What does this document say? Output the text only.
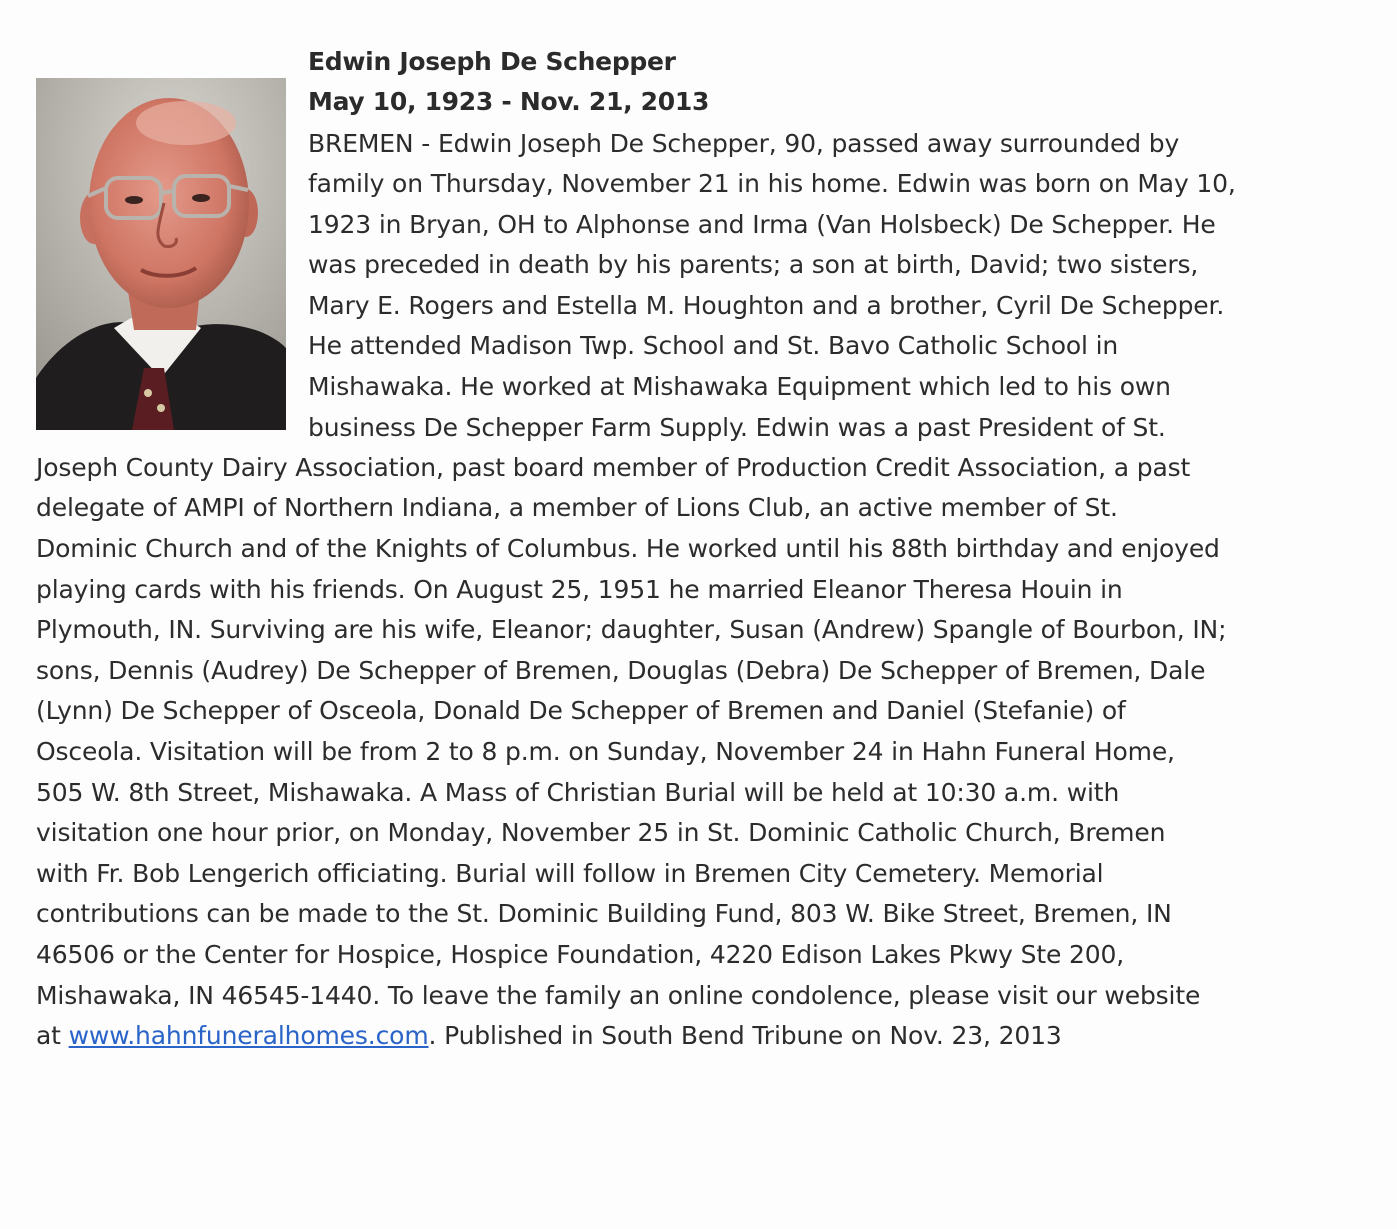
Edwin Joseph De Schepper
May 10, 1923 - Nov. 21, 2013
BREMEN - Edwin Joseph De Schepper, 90, passed away surrounded by
family on Thursday, November 21 in his home. Edwin was born on May 10,
1923 in Bryan, OH to Alphonse and Irma (Van Holsbeck) De Schepper. He
was preceded in death by his parents; a son at birth, David; two sisters,
Mary E. Rogers and Estella M. Houghton and a brother, Cyril De Schepper.
He attended Madison Twp. School and St. Bavo Catholic School in
Mishawaka. He worked at Mishawaka Equipment which led to his own
business De Schepper Farm Supply. Edwin was a past President of St.
Joseph County Dairy Association, past board member of Production Credit Association, a past
delegate of AMPI of Northern Indiana, a member of Lions Club, an active member of St.
Dominic Church and of the Knights of Columbus. He worked until his 88th birthday and enjoyed
playing cards with his friends. On August 25, 1951 he married Eleanor Theresa Houin in
Plymouth, IN. Surviving are his wife, Eleanor; daughter, Susan (Andrew) Spangle of Bourbon, IN;
sons, Dennis (Audrey) De Schepper of Bremen, Douglas (Debra) De Schepper of Bremen, Dale
(Lynn) De Schepper of Osceola, Donald De Schepper of Bremen and Daniel (Stefanie) of
Osceola. Visitation will be from 2 to 8 p.m. on Sunday, November 24 in Hahn Funeral Home,
505 W. 8th Street, Mishawaka. A Mass of Christian Burial will be held at 10:30 a.m. with
visitation one hour prior, on Monday, November 25 in St. Dominic Catholic Church, Bremen
with Fr. Bob Lengerich officiating. Burial will follow in Bremen City Cemetery. Memorial
contributions can be made to the St. Dominic Building Fund, 803 W. Bike Street, Bremen, IN
46506 or the Center for Hospice, Hospice Foundation, 4220 Edison Lakes Pkwy Ste 200,
Mishawaka, IN 46545-1440. To leave the family an online condolence, please visit our website
at www.hahnfuneralhomes.com. Published in South Bend Tribune on Nov. 23, 2013
